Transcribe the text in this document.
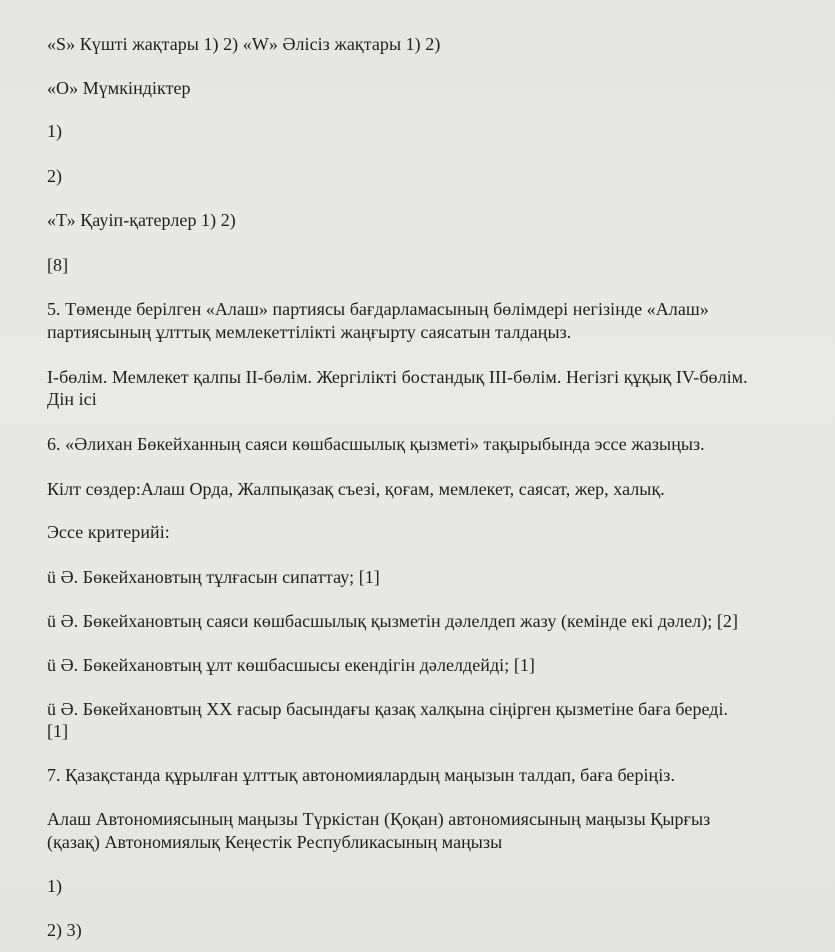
«S» Күшті жақтары 1) 2) «W» Әлісіз жақтары 1) 2)
«О» Мүмкіндіктер
1)
2)
«Т» Қауіп-қатерлер 1) 2)
[8]
5. Төменде берілген «Алаш» партиясы бағдарламасының бөлімдері негізінде «Алаш»
партиясының ұлттық мемлекеттілікті жаңғырту саясатын талдаңыз.
I-бөлім. Мемлекет қалпы II-бөлім. Жергілікті бостандық III-бөлім. Негізгі құқық IV-бөлім.
Дін ісі
6. «Әлихан Бөкейханның саяси көшбасшылық қызметі» тақырыбында эссе жазыңыз.
Кілт сөздер:Алаш Орда, Жалпықазақ съезі, қоғам, мемлекет, саясат, жер, халық.
Эссе критерийі:
ü Ә. Бөкейхановтың тұлғасын сипаттау; [1]
ü Ә. Бөкейхановтың саяси көшбасшылық қызметін дәлелдеп жазу (кемінде екі дәлел); [2]
ü Ә. Бөкейхановтың ұлт көшбасшысы екендігін дәлелдейді; [1]
ü Ә. Бөкейхановтың XX ғасыр басындағы қазақ халқына сіңірген қызметіне баға береді.
[1]
7. Қазақстанда құрылған ұлттық автономиялардың маңызын талдап, баға беріңіз.
Алаш Автономиясының маңызы Түркістан (Қоқан) автономиясының маңызы Қырғыз
(қазақ) Автономиялық Кеңестік Республикасының маңызы
1)
2) 3)
